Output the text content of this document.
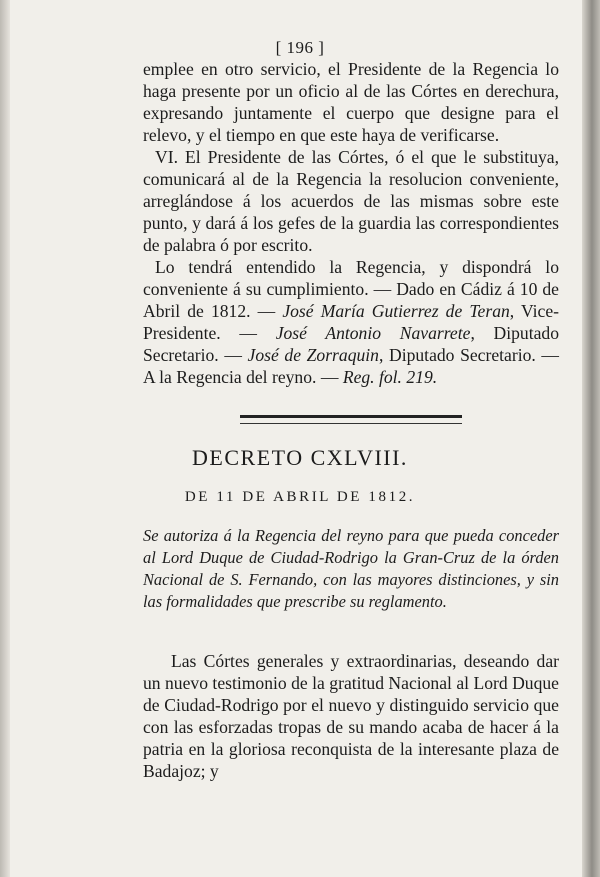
[ 196 ]

emplee en otro servicio, el Presidente de la Regencia lo haga presente por un oficio al de las Córtes en derechura, expresando juntamente el cuerpo que designe para el relevo, y el tiempo en que este haya de verificarse.

VI. El Presidente de las Córtes, ó el que le substituya, comunicará al de la Regencia la resolucion conveniente, arreglándose á los acuerdos de las mismas sobre este punto, y dará á los gefes de la guardia las correspondientes de palabra ó por escrito.

Lo tendrá entendido la Regencia, y dispondrá lo conveniente á su cumplimiento. — Dado en Cádiz á 10 de Abril de 1812. — José María Gutierrez de Teran, Vice-Presidente. — José Antonio Navarrete, Diputado Secretario. — José de Zorraquin, Diputado Secretario. — A la Regencia del reyno. — Reg. fol. 219.

DECRETO CXLVIII.
DE 11 DE ABRIL DE 1812.
Se autoriza á la Regencia del reyno para que pueda conceder al Lord Duque de Ciudad-Rodrigo la Gran-Cruz de la órden Nacional de S. Fernando, con las mayores distinciones, y sin las formalidades que prescribe su reglamento.
Las Córtes generales y extraordinarias, deseando dar un nuevo testimonio de la gratitud Nacional al Lord Duque de Ciudad-Rodrigo por el nuevo y distinguido servicio que con las esforzadas tropas de su mando acaba de hacer á la patria en la gloriosa reconquista de la interesante plaza de Badajoz; y
